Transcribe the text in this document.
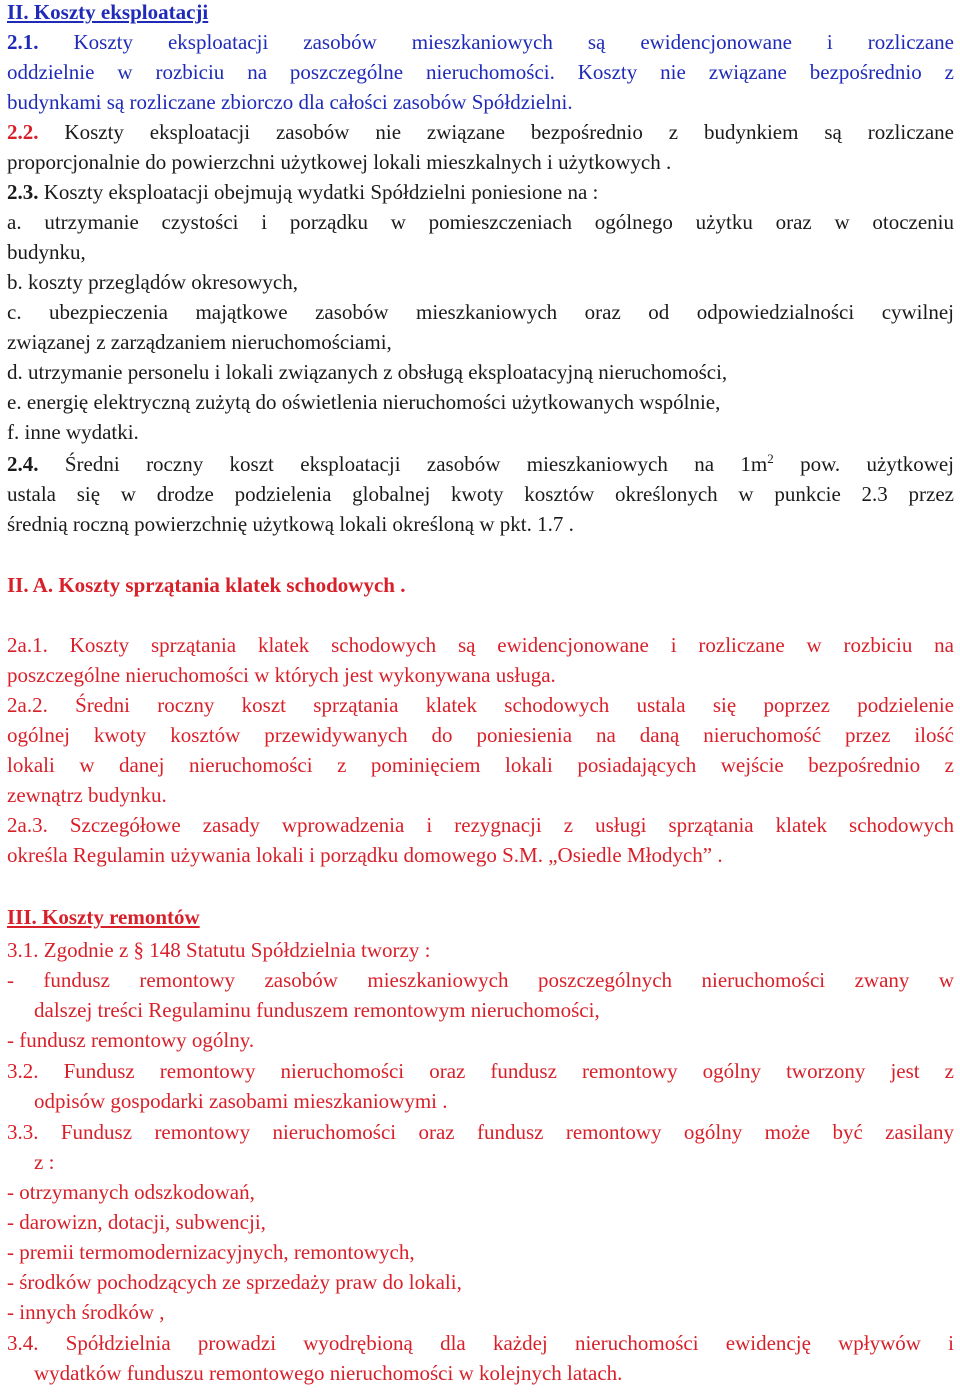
II. Koszty eksploatacji
2.1. Koszty eksploatacji zasobów mieszkaniowych są ewidencjonowane i rozliczane
oddzielnie w rozbiciu na poszczególne nieruchomości. Koszty nie związane bezpośrednio z
budynkami są rozliczane zbiorczo dla całości zasobów Spółdzielni.
2.2. Koszty eksploatacji zasobów nie związane bezpośrednio z budynkiem są rozliczane
proporcjonalnie do powierzchni użytkowej lokali mieszkalnych i użytkowych .
2.3. Koszty eksploatacji obejmują wydatki Spółdzielni poniesione na :
a. utrzymanie czystości i porządku w pomieszczeniach ogólnego użytku oraz w otoczeniu
budynku,
b. koszty przeglądów okresowych,
c. ubezpieczenia majątkowe zasobów mieszkaniowych oraz od odpowiedzialności cywilnej
związanej z zarządzaniem nieruchomościami,
d. utrzymanie personelu i lokali związanych z obsługą eksploatacyjną nieruchomości,
e. energię elektryczną zużytą do oświetlenia nieruchomości użytkowanych wspólnie,
f. inne wydatki.
2.4. Średni roczny koszt eksploatacji zasobów mieszkaniowych na $1m^2$ pow. użytkowej
ustala się w drodze podzielenia globalnej kwoty kosztów określonych w punkcie 2.3 przez
średnią roczną powierzchnię użytkową lokali określoną w pkt. 1.7 .
II. A. Koszty sprzątania klatek schodowych .
2a.1. Koszty sprzątania klatek schodowych są ewidencjonowane i rozliczane w rozbiciu na
poszczególne nieruchomości w których jest wykonywana usługa.
2a.2. Średni roczny koszt sprzątania klatek schodowych ustala się poprzez podzielenie
ogólnej kwoty kosztów przewidywanych do poniesienia na daną nieruchomość przez ilość
lokali w danej nieruchomości z pominięciem lokali posiadających wejście bezpośrednio z
zewnątrz budynku.
2a.3. Szczegółowe zasady wprowadzenia i rezygnacji z usługi sprzątania klatek schodowych
określa Regulamin używania lokali i porządku domowego S.M. „Osiedle Młodych” .
III. Koszty remontów
3.1. Zgodnie z § 148 Statutu Spółdzielnia tworzy :
- fundusz remontowy zasobów mieszkaniowych poszczególnych nieruchomości zwany w
dalszej treści Regulaminu funduszem remontowym nieruchomości,
- fundusz remontowy ogólny.
3.2. Fundusz remontowy nieruchomości oraz fundusz remontowy ogólny tworzony jest z
odpisów gospodarki zasobami mieszkaniowymi .
3.3. Fundusz remontowy nieruchomości oraz fundusz remontowy ogólny może być zasilany
z :
- otrzymanych odszkodowań,
- darowizn, dotacji, subwencji,
- premii termomodernizacyjnych, remontowych,
- środków pochodzących ze sprzedaży praw do lokali,
- innych środków ,
3.4. Spółdzielnia prowadzi wyodrębioną dla każdej nieruchomości ewidencję wpływów i
wydatków funduszu remontowego nieruchomości w kolejnych latach.
